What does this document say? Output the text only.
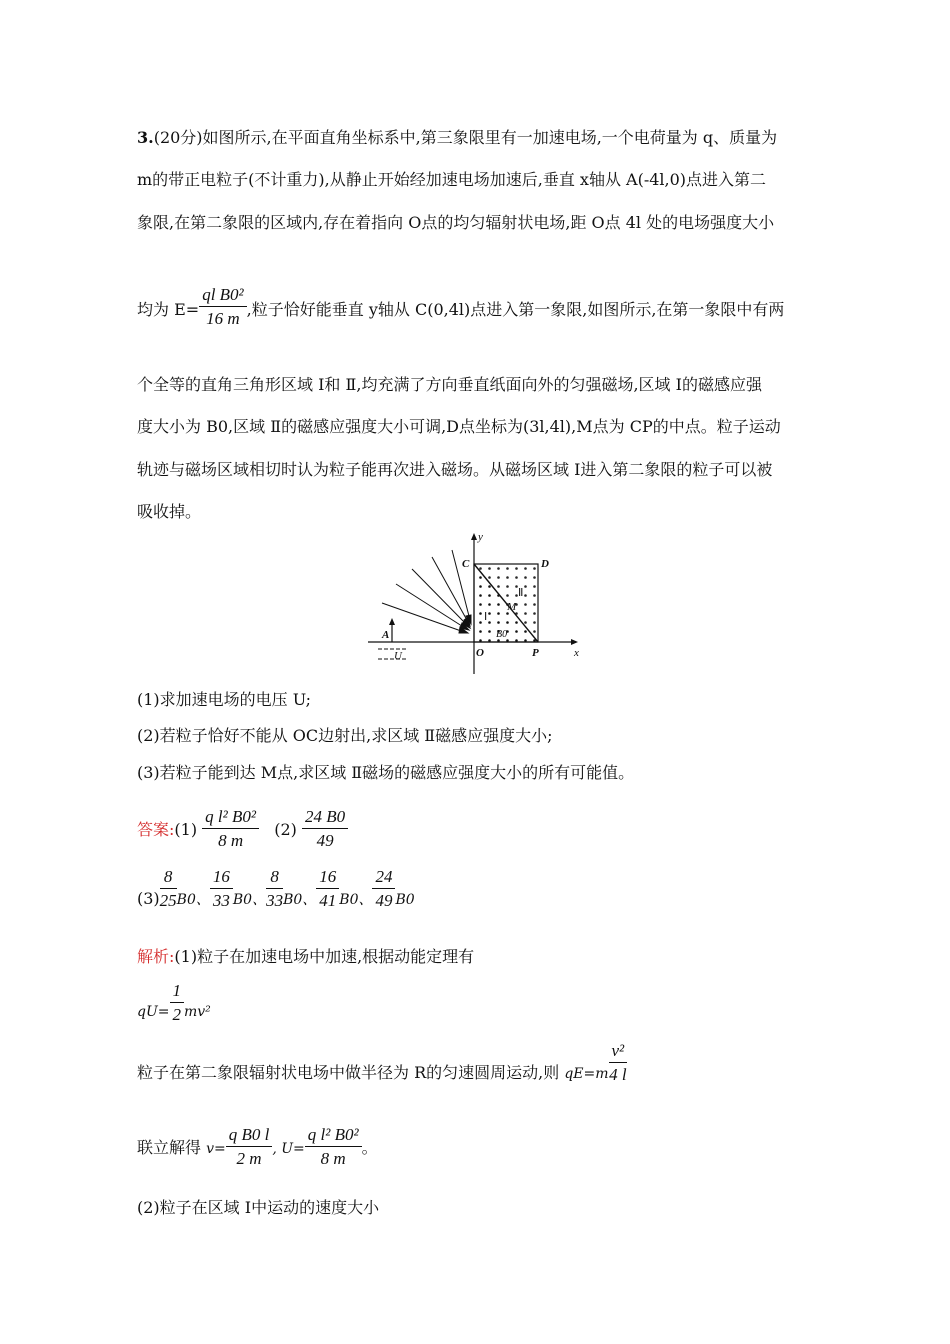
3.(20分)如图所示,在平面直角坐标系中,第三象限里有一加速电场,一个电荷量为 q、质量为
m的带正电粒子(不计重力),从静止开始经加速电场加速后,垂直 x轴从 A(-4l,0)点进入第二
象限,在第二象限的区域内,存在着指向 O点的均匀辐射状电场,距 O点 4l 处的电场强度大小
均为 $E= \frac{\text{ql B0²}}{16 m}$ ,粒子恰好能垂直 y轴从 C(0,4l)点进入第一象限,如图所示,在第一象限中有两
个全等的直角三角形区域 Ⅰ和 Ⅱ,均充满了方向垂直纸面向外的匀强磁场,区域 Ⅰ的磁感应强
度大小为 B0,区域 Ⅱ的磁感应强度大小可调,D点坐标为(3l,4l),M点为 CP的中点。粒子运动
轨迹与磁场区域相切时认为粒子能再次进入磁场。从磁场区域 Ⅰ进入第二象限的粒子可以被
吸收掉。
y
x
C	D
M
O	P
A
U
Ⅱ
Ⅰ
B0
(1)求加速电场的电压 U;
(2)若粒子恰好不能从 OC边射出,求区域 Ⅱ磁感应强度大小;
(3)若粒子能到达 M点,求区域 Ⅱ磁场的磁感应强度大小的所有可能值。
答案:(1) $\frac{\text{q l² B0²}}{8 m} (2) \frac{24 B0}{49}$
$(3) \frac{8}{25} B0$、 $\frac{16}{33} B0$、 $\frac{8}{33} B0$、 $\frac{16}{41} B0$、 $\frac{24}{49} B0$
解析:(1)粒子在加速电场中加速,根据动能定理有
$qU= \frac{1}{2} mv^2$
粒子在第二象限辐射状电场中做半径为 R的匀速圆周运动,则 $qE=m \frac{\text{v²}}{4 l}$
联立解得 $v= \frac{\text{q B0 l}}{2 m}$ , $U= \frac{\text{q l² B0²}}{8 m}$ 。
(2)粒子在区域 Ⅰ中运动的速度大小
